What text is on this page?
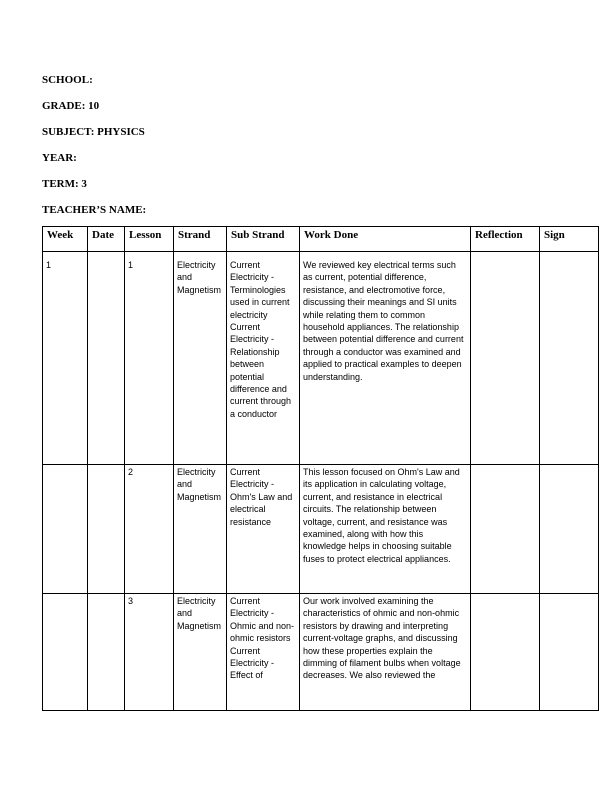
SCHOOL:
GRADE: 10
SUBJECT: PHYSICS
YEAR:
TERM: 3
TEACHER’S NAME:
Week	Date	Lesson	Strand	Sub Strand	Work Done	Reflection	Sign

1		1	Electricity and Magnetism	Current Electricity - Terminologies used in current electricity Current Electricity - Relationship between potential difference and current through a conductor	We reviewed key electrical terms such as current, potential difference, resistance, and electromotive force, discussing their meanings and SI units while relating them to common household appliances. The relationship between potential difference and current through a conductor was examined and applied to practical examples to deepen understanding.		
		2	Electricity and Magnetism	Current Electricity - Ohm's Law and electrical resistance	This lesson focused on Ohm's Law and its application in calculating voltage, current, and resistance in electrical circuits. The relationship between voltage, current, and resistance was examined, along with how this knowledge helps in choosing suitable fuses to protect electrical appliances.		
		3	Electricity and Magnetism	Current Electricity - Ohmic and non-ohmic resistors Current Electricity - Effect of	Our work involved examining the characteristics of ohmic and non-ohmic resistors by drawing and interpreting current-voltage graphs, and discussing how these properties explain the dimming of filament bulbs when voltage decreases. We also reviewed the		
